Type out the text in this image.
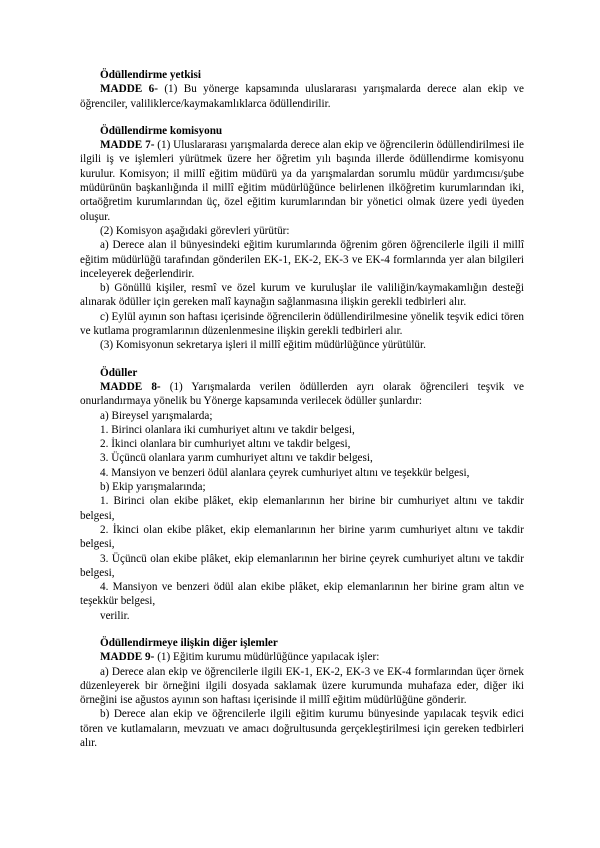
Ödüllendirme yetkisi

MADDE 6- (1) Bu yönerge kapsamında uluslararası yarışmalarda derece alan ekip ve öğrenciler, valiliklerce/kaymakamlıklarca ödüllendirilir.

Ödüllendirme komisyonu

MADDE 7- (1) Uluslararası yarışmalarda derece alan ekip ve öğrencilerin ödüllendirilmesi ile ilgili iş ve işlemleri yürütmek üzere her öğretim yılı başında illerde ödüllendirme komisyonu kurulur. Komisyon; il millî eğitim müdürü ya da yarışmalardan sorumlu müdür yardımcısı/şube müdürünün başkanlığında il millî eğitim müdürlüğünce belirlenen ilköğretim kurumlarından iki, ortaöğretim kurumlarından üç, özel eğitim kurumlarından bir yönetici olmak üzere yedi üyeden oluşur.

(2) Komisyon aşağıdaki görevleri yürütür:

a) Derece alan il bünyesindeki eğitim kurumlarında öğrenim gören öğrencilerle ilgili il millî eğitim müdürlüğü tarafından gönderilen EK-1, EK-2, EK-3 ve EK-4 formlarında yer alan bilgileri inceleyerek değerlendirir.

b) Gönüllü kişiler, resmî ve özel kurum ve kuruluşlar ile valiliğin/kaymakamlığın desteği alınarak ödüller için gereken malî kaynağın sağlanmasına ilişkin gerekli tedbirleri alır.

c) Eylül ayının son haftası içerisinde öğrencilerin ödüllendirilmesine yönelik teşvik edici tören ve kutlama programlarının düzenlenmesine ilişkin gerekli tedbirleri alır.

(3) Komisyonun sekretarya işleri il millî eğitim müdürlüğünce yürütülür.

Ödüller

MADDE 8- (1) Yarışmalarda verilen ödüllerden ayrı olarak öğrencileri teşvik ve onurlandırmaya yönelik bu Yönerge kapsamında verilecek ödüller şunlardır:

a) Bireysel yarışmalarda;

1. Birinci olanlara iki cumhuriyet altını ve takdir belgesi,

2. İkinci olanlara bir cumhuriyet altını ve takdir belgesi,

3. Üçüncü olanlara yarım cumhuriyet altını ve takdir belgesi,

4. Mansiyon ve benzeri ödül alanlara çeyrek cumhuriyet altını ve teşekkür belgesi,

b) Ekip yarışmalarında;

1. Birinci olan ekibe plâket, ekip elemanlarının her birine bir cumhuriyet altını ve takdir belgesi,

2. İkinci olan ekibe plâket, ekip elemanlarının her birine yarım cumhuriyet altını ve takdir belgesi,

3. Üçüncü olan ekibe plâket, ekip elemanlarının her birine çeyrek cumhuriyet altını ve takdir belgesi,

4. Mansiyon ve benzeri ödül alan ekibe plâket, ekip elemanlarının her birine gram altın ve teşekkür belgesi,

verilir.

Ödüllendirmeye ilişkin diğer işlemler

MADDE 9- (1) Eğitim kurumu müdürlüğünce yapılacak işler:

a) Derece alan ekip ve öğrencilerle ilgili EK-1, EK-2, EK-3 ve EK-4 formlarından üçer örnek düzenleyerek bir örneğini ilgili dosyada saklamak üzere kurumunda muhafaza eder, diğer iki örneğini ise ağustos ayının son haftası içerisinde il millî eğitim müdürlüğüne gönderir.

b) Derece alan ekip ve öğrencilerle ilgili eğitim kurumu bünyesinde yapılacak teşvik edici tören ve kutlamaların, mevzuatı ve amacı doğrultusunda gerçekleştirilmesi için gereken tedbirleri alır.
